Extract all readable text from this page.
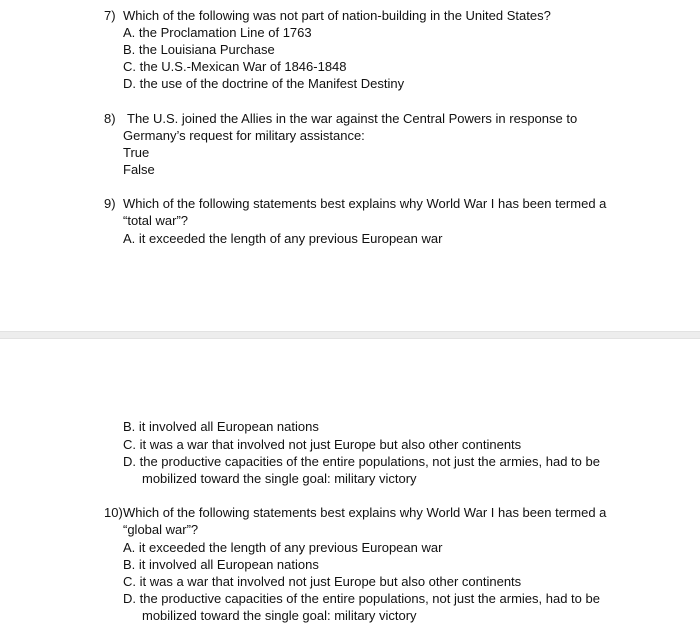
7) Which of the following was not part of nation-building in the United States?
A. the Proclamation Line of 1763
B. the Louisiana Purchase
C. the U.S.-Mexican War of 1846-1848
D. the use of the doctrine of the Manifest Destiny
8) The U.S. joined the Allies in the war against the Central Powers in response to
Germany’s request for military assistance:
True
False
9) Which of the following statements best explains why World War I has been termed a
“total war”?
A. it exceeded the length of any previous European war
B. it involved all European nations
C. it was a war that involved not just Europe but also other continents
D. the productive capacities of the entire populations, not just the armies, had to be
mobilized toward the single goal: military victory
10) Which of the following statements best explains why World War I has been termed a
“global war”?
A. it exceeded the length of any previous European war
B. it involved all European nations
C. it was a war that involved not just Europe but also other continents
D. the productive capacities of the entire populations, not just the armies, had to be
mobilized toward the single goal: military victory
